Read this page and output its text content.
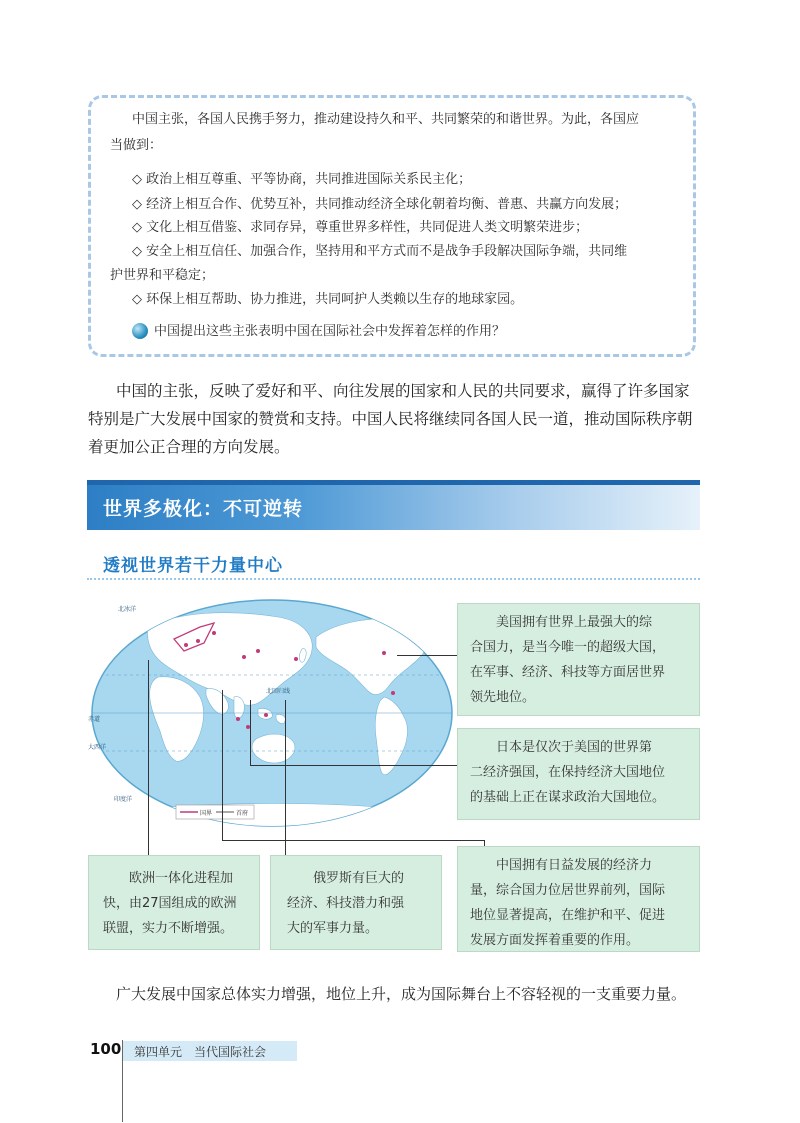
中国主张，各国人民携手努力，推动建设持久和平、共同繁荣的和谐世界。为此，各国应
当做到：
◇ 政治上相互尊重、平等协商，共同推进国际关系民主化；
◇ 经济上相互合作、优势互补，共同推动经济全球化朝着均衡、普惠、共赢方向发展；
◇ 文化上相互借鉴、求同存异，尊重世界多样性，共同促进人类文明繁荣进步；
◇ 安全上相互信任、加强合作，坚持用和平方式而不是战争手段解决国际争端，共同维
护世界和平稳定；
◇ 环保上相互帮助、协力推进，共同呵护人类赖以生存的地球家园。
中国提出这些主张表明中国在国际社会中发挥着怎样的作用？
中国的主张，反映了爱好和平、向往发展的国家和人民的共同要求，赢得了许多国家
特别是广大发展中国家的赞赏和支持。中国人民将继续同各国人民一道，推动国际秩序朝
着更加公正合理的方向发展。
世界多极化：不可逆转
透视世界若干力量中心
北冰洋
北回归线
赤道
大西洋
印度洋
国界	首府
美国拥有世界上最强大的综
合国力，是当今唯一的超级大国，
在军事、经济、科技等方面居世界
领先地位。
日本是仅次于美国的世界第
二经济强国，在保持经济大国地位
的基础上正在谋求政治大国地位。
中国拥有日益发展的经济力
量，综合国力位居世界前列，国际
地位显著提高，在维护和平、促进
发展方面发挥着重要的作用。
欧洲一体化进程加
快，由27国组成的欧洲
联盟，实力不断增强。
俄罗斯有巨大的
经济、科技潜力和强
大的军事力量。
广大发展中国家总体实力增强，地位上升，成为国际舞台上不容轻视的一支重要力量。
100 第四单元　当代国际社会
